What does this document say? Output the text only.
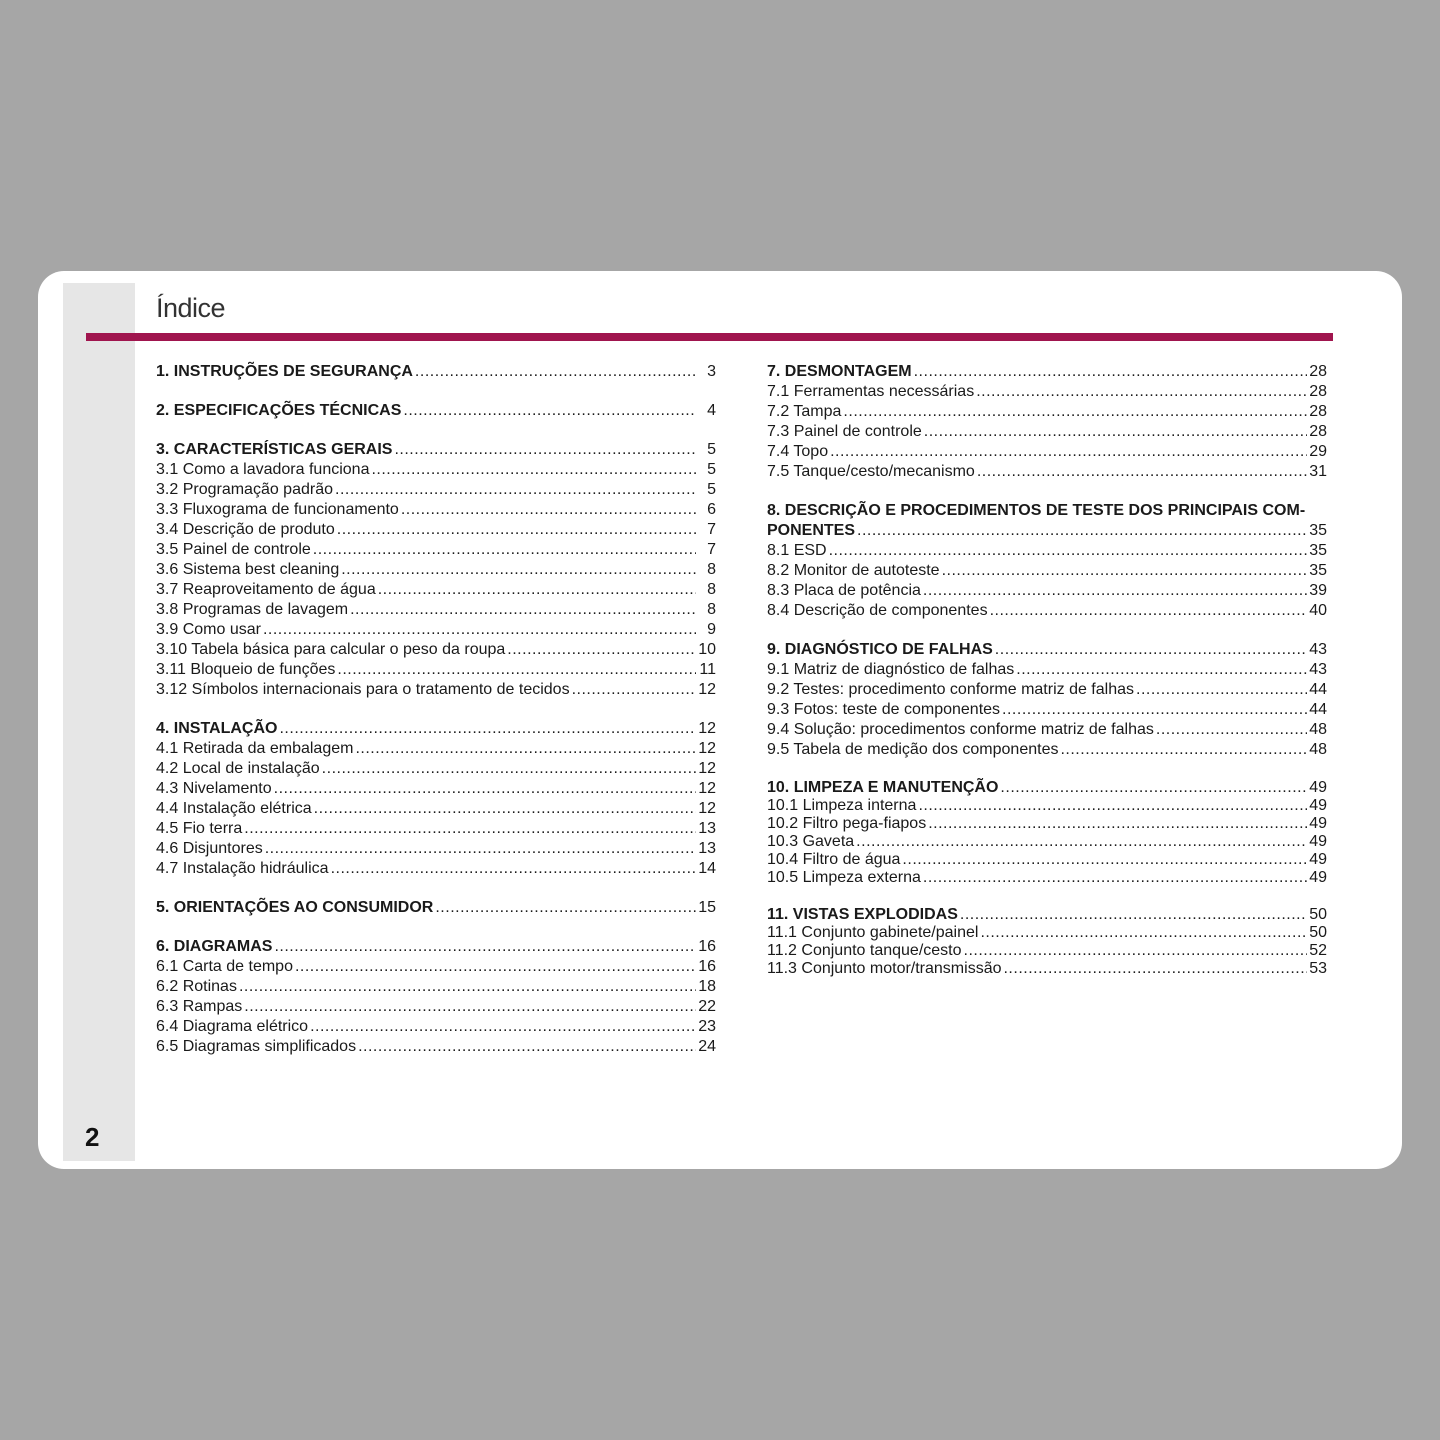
2
Índice
1. INSTRUÇÕES DE SEGURANÇA .....	3
2. ESPECIFICAÇÕES TÉCNICAS .....	4
3. CARACTERÍSTICAS GERAIS .....	5
3.1 Como a lavadora funciona .....	5
3.2 Programação padrão .....	5
3.3 Fluxograma de funcionamento .....	6
3.4 Descrição de produto .....	7
3.5 Painel de controle .....	7
3.6 Sistema best cleaning .....	8
3.7 Reaproveitamento de água .....	8
3.8 Programas de lavagem .....	8
3.9 Como usar .....	9
3.10 Tabela básica para calcular o peso da roupa .....	10
3.11 Bloqueio de funções .....	11
3.12 Símbolos internacionais para o tratamento de tecidos .....	12
4. INSTALAÇÃO .....	12
4.1 Retirada da embalagem .....	12
4.2 Local de instalação .....	12
4.3 Nivelamento .....	12
4.4 Instalação elétrica .....	12
4.5 Fio terra .....	13
4.6 Disjuntores .....	13
4.7 Instalação hidráulica .....	14
5. ORIENTAÇÕES AO CONSUMIDOR .....	15
6. DIAGRAMAS .....	16
6.1 Carta de tempo .....	16
6.2 Rotinas .....	18
6.3 Rampas .....	22
6.4 Diagrama elétrico .....	23
6.5 Diagramas simplificados .....	24
7. DESMONTAGEM .....	28
7.1 Ferramentas necessárias .....	28
7.2 Tampa .....	28
7.3 Painel de controle .....	28
7.4 Topo .....	29
7.5 Tanque/cesto/mecanismo .....	31
8. DESCRIÇÃO E PROCEDIMENTOS DE TESTE DOS PRINCIPAIS COM-
PONENTES .....	35
8.1 ESD .....	35
8.2 Monitor de autoteste .....	35
8.3 Placa de potência .....	39
8.4 Descrição de componentes .....	40
9. DIAGNÓSTICO DE FALHAS .....	43
9.1 Matriz de diagnóstico de falhas .....	43
9.2 Testes: procedimento conforme matriz de falhas .....	44
9.3 Fotos: teste de componentes .....	44
9.4 Solução: procedimentos conforme matriz de falhas .....	48
9.5 Tabela de medição dos componentes .....	48
10. LIMPEZA E MANUTENÇÃO .....	49
10.1 Limpeza interna .....	49
10.2 Filtro pega-fiapos .....	49
10.3 Gaveta .....	49
10.4 Filtro de água .....	49
10.5 Limpeza externa .....	49
11. VISTAS EXPLODIDAS .....	50
11.1 Conjunto gabinete/painel .....	50
11.2 Conjunto tanque/cesto .....	52
11.3 Conjunto motor/transmissão .....	53
